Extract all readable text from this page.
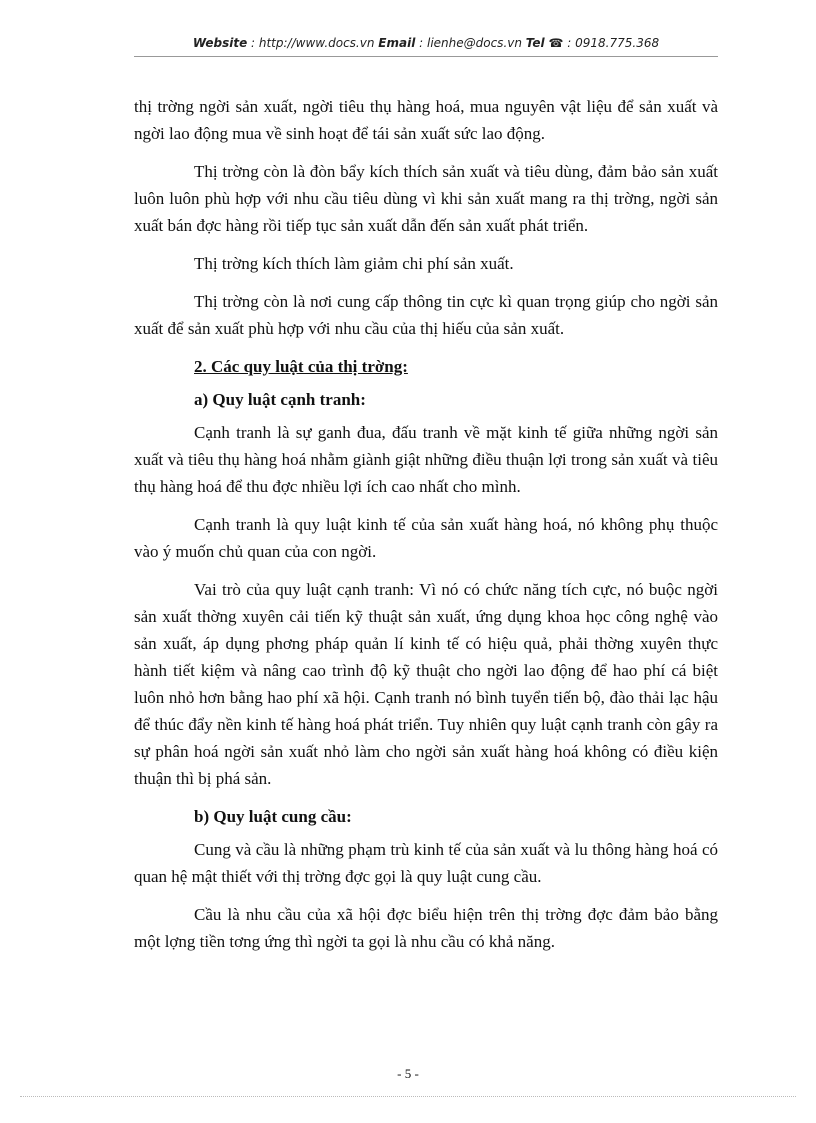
Website : http://www.docs.vn Email : lienhe@docs.vn Tel ☎ : 0918.775.368

thị trờng ngời sản xuất, ngời tiêu thụ hàng hoá, mua nguyên vật liệu để sản xuất và ngời lao động mua về sinh hoạt để tái sản xuất sức lao động.

Thị trờng còn là đòn bẩy kích thích sản xuất và tiêu dùng, đảm bảo sản xuất luôn luôn phù hợp với nhu cầu tiêu dùng vì khi sản xuất mang ra thị trờng, ngời sản xuất bán đợc hàng rồi tiếp tục sản xuất dẫn đến sản xuất phát triển.

Thị trờng kích thích làm giảm chi phí sản xuất.

Thị trờng còn là nơi cung cấp thông tin cực kì quan trọng giúp cho ngời sản xuất để sản xuất phù hợp với nhu cầu của thị hiếu của sản xuất.

2. Các quy luật của thị trờng:
a) Quy luật cạnh tranh:

Cạnh tranh là sự ganh đua, đấu tranh về mặt kinh tế giữa những ngời sản xuất và tiêu thụ hàng hoá nhằm giành giật những điều thuận lợi trong sản xuất và tiêu thụ hàng hoá để thu đợc nhiều lợi ích cao nhất cho mình.

Cạnh tranh là quy luật kinh tế của sản xuất hàng hoá, nó không phụ thuộc vào ý muốn chủ quan của con ngời.

Vai trò của quy luật cạnh tranh: Vì nó có chức năng tích cực, nó buộc ngời sản xuất thờng xuyên cải tiến kỹ thuật sản xuất, ứng dụng khoa học công nghệ vào sản xuất, áp dụng phơng pháp quản lí kinh tế có hiệu quả, phải thờng xuyên thực hành tiết kiệm và nâng cao trình độ kỹ thuật cho ngời lao động để hao phí cá biệt luôn nhỏ hơn bằng hao phí xã hội. Cạnh tranh nó bình tuyển tiến bộ, đào thải lạc hậu để thúc đẩy nền kinh tế hàng hoá phát triển. Tuy nhiên quy luật cạnh tranh còn gây ra sự phân hoá ngời sản xuất nhỏ làm cho ngời sản xuất hàng hoá không có điều kiện thuận thì bị phá sản.

b) Quy luật cung cầu:

Cung và cầu là những phạm trù kinh tế của sản xuất và lu thông hàng hoá có quan hệ mật thiết với thị trờng đợc gọi là quy luật cung cầu.

Cầu là nhu cầu của xã hội đợc biểu hiện trên thị trờng đợc đảm bảo bằng một lợng tiền tơng ứng thì ngời ta gọi là nhu cầu có khả năng.

- 5 -
